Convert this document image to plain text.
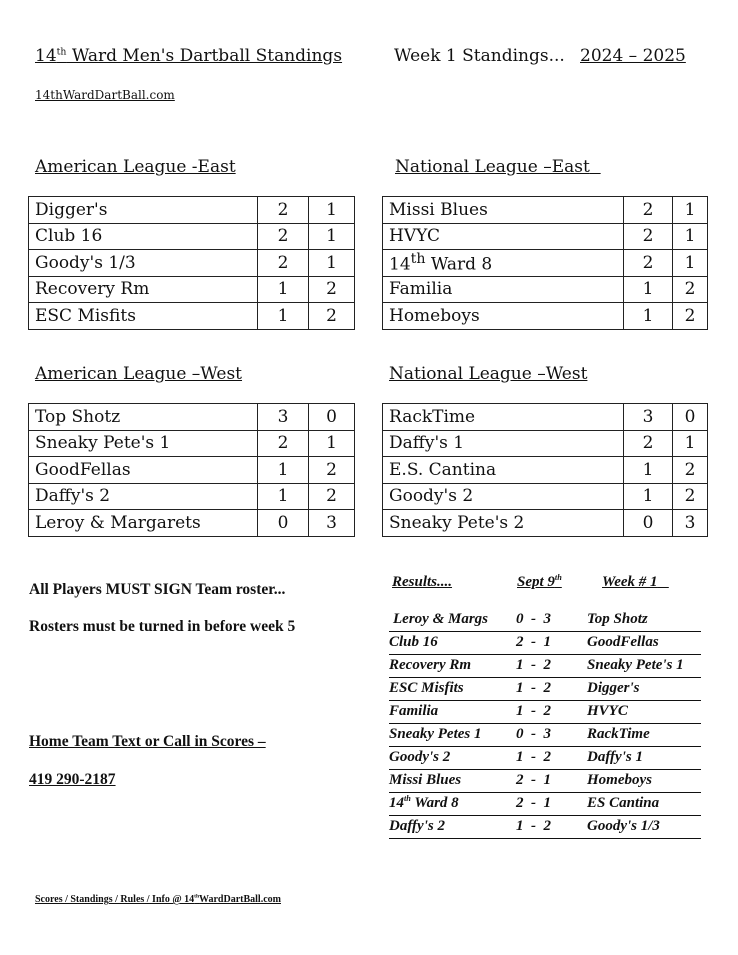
14th Ward Men's Dartball Standings	Week 1 Standings... 2024 – 2025
14thWardDartBall.com
American League -East	National League –East
American League –West	National League –West
Digger's	2	1
Club 16	2	1
Goody's 1/3	2	1
Recovery Rm	1	2
ESC Misfits	1	2
Missi Blues	2	1
HVYC	2	1
14th Ward 8	2	1
Familia	1	2
Homeboys	1	2
Top Shotz	3	0
Sneaky Pete's 1	2	1
GoodFellas	1	2
Daffy's 2	1	2
Leroy & Margarets	0	3
RackTime	3	0
Daffy's 1	2	1
E.S. Cantina	1	2
Goody's 2	1	2
Sneaky Pete's 2	0	3
All Players MUST SIGN Team roster...
Rosters must be turned in before week 5
Home Team Text or Call in Scores –
419 290-2187
Results....	Sept 9th	Week # 1
Leroy & Margs 0  -  3 Top Shotz
Club 16	2  -  1 GoodFellas
Recovery Rm	1  -  2 Sneaky Pete's 1
ESC Misfits	1  -  2 Digger's
Familia	1  -  2 HVYC
Sneaky Petes 1 0  -  3 RackTime
Goody's 2	1  -  2 Daffy's 1
Missi Blues	2  -  1 Homeboys
14th Ward 8	2  -  1 ES Cantina
Daffy's 2	1  -  2 Goody's 1/3
Scores / Standings / Rules / Info @ 14thWardDartBall.com
